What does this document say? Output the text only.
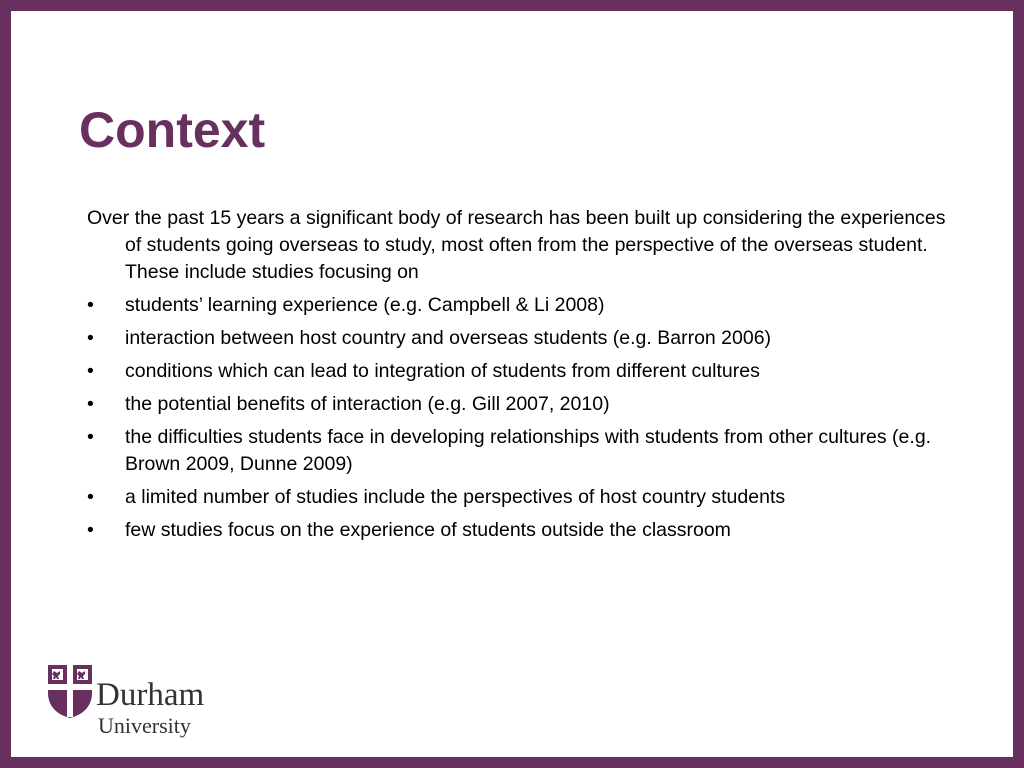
Context

Over the past 15 years a significant body of research has been built up considering the experiences of students going overseas to study, most often from the perspective of the overseas student. These include studies focusing on

• students’ learning experience (e.g. Campbell & Li 2008)
• interaction between host country and overseas students (e.g. Barron 2006)
• conditions which can lead to integration of students from different cultures
• the potential benefits of interaction (e.g. Gill 2007, 2010)
• the difficulties students face in developing relationships with students from other cultures (e.g. Brown 2009, Dunne 2009)
• a limited number of studies include the perspectives of host country students
• few studies focus on the experience of students outside the classroom
Durham
University
